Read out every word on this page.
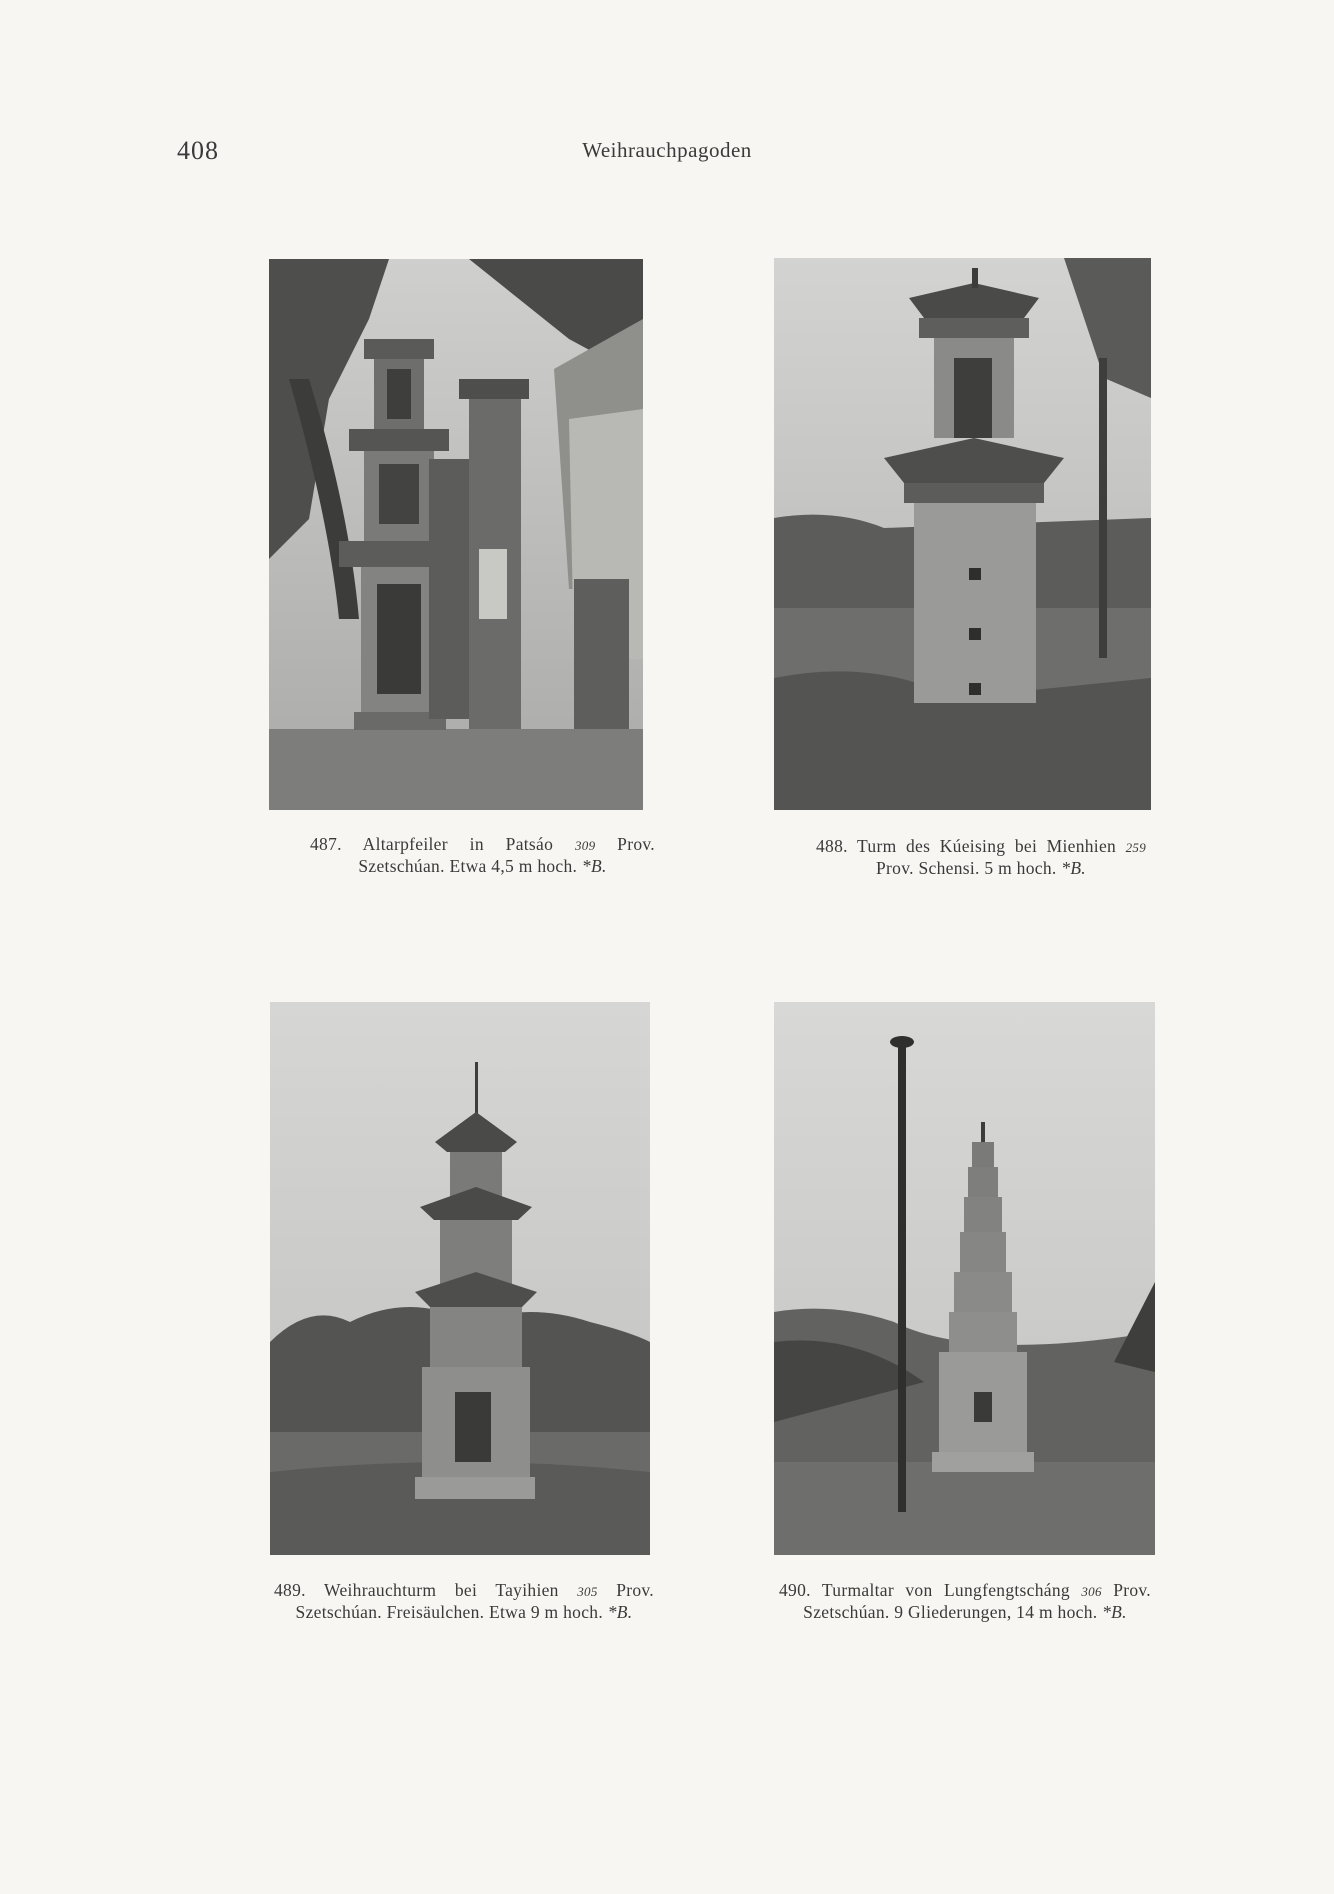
408	Weihrauchpagoden
487. Altarpfeiler in Patsáo 309 Prov. Szetschúan. Etwa 4,5 m hoch. *B.
488. Turm des Kúeising bei Mienhien 259 Prov. Schensi. 5 m hoch. *B.
489. Weihrauchturm bei Tayihien 305 Prov. Szetschúan. Freisäulchen. Etwa 9 m hoch. *B.
490. Turmaltar von Lungfengtscháng 306 Prov. Szetschúan. 9 Gliederungen, 14 m hoch. *B.
